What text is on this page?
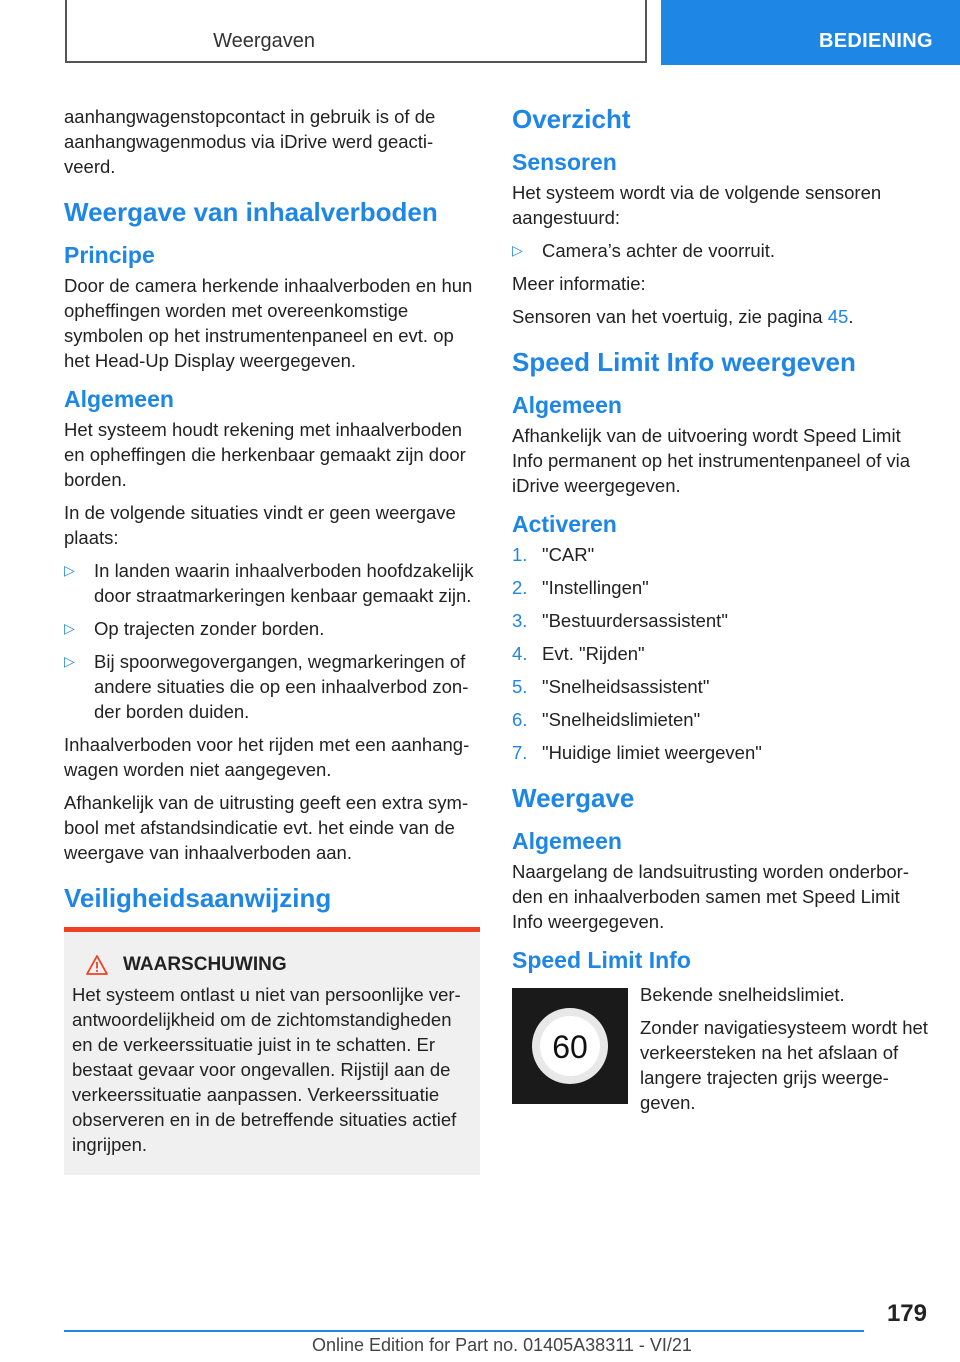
Weergaven	BEDIENING

aanhangwagenstopcontact in gebruik is of de aanhangwagenmodus via iDrive werd geacti-veerd.

Weergave van inhaalverboden
Principe

Door de camera herkende inhaalverboden en hun opheffingen worden met overeenkomstige symbolen op het instrumentenpaneel en evt. op het Head-Up Display weergegeven.

Algemeen

Het systeem houdt rekening met inhaalverboden en opheffingen die herkenbaar gemaakt zijn door borden.

In de volgende situaties vindt er geen weergave plaats:

▷ In landen waarin inhaalverboden hoofdzakelijk door straatmarkeringen kenbaar gemaakt zijn.
▷ Op trajecten zonder borden.
▷ Bij spoorwegovergangen, wegmarkeringen of andere situaties die op een inhaalverbod zon-der borden duiden.

Inhaalverboden voor het rijden met een aanhang-wagen worden niet aangegeven.

Afhankelijk van de uitrusting geeft een extra sym-bool met afstandsindicatie evt. het einde van de weergave van inhaalverboden aan.

Veiligheidsaanwijzing
WAARSCHUWING

Het systeem ontlast u niet van persoonlijke ver-antwoordelijkheid om de zichtomstandigheden en de verkeerssituatie juist in te schatten. Er bestaat gevaar voor ongevallen. Rijstijl aan de verkeerssituatie aanpassen. Verkeerssituatie observeren en in de betreffende situaties actief ingrijpen.

Overzicht
Sensoren

Het systeem wordt via de volgende sensoren aangestuurd:

▷ Camera’s achter de voorruit.

Meer informatie:

Sensoren van het voertuig, zie pagina 45.

Speed Limit Info weergeven
Algemeen

Afhankelijk van de uitvoering wordt Speed Limit Info permanent op het instrumentenpaneel of via iDrive weergegeven.

Activeren
1. "CAR"
2. "Instellingen"
3. "Bestuurdersassistent"
4. Evt. "Rijden"
5. "Snelheidsassistent"
6. "Snelheidslimieten"
7. "Huidige limiet weergeven"
Weergave
Algemeen

Naargelang de landsuitrusting worden onderbor-den en inhaalverboden samen met Speed Limit Info weergegeven.

Speed Limit Info
60

Bekende snelheidslimiet.

Zonder navigatiesysteem wordt het verkeersteken na het afslaan of langere trajecten grijs weerge-geven.

179
Online Edition for Part no. 01405A38311 - VI/21
